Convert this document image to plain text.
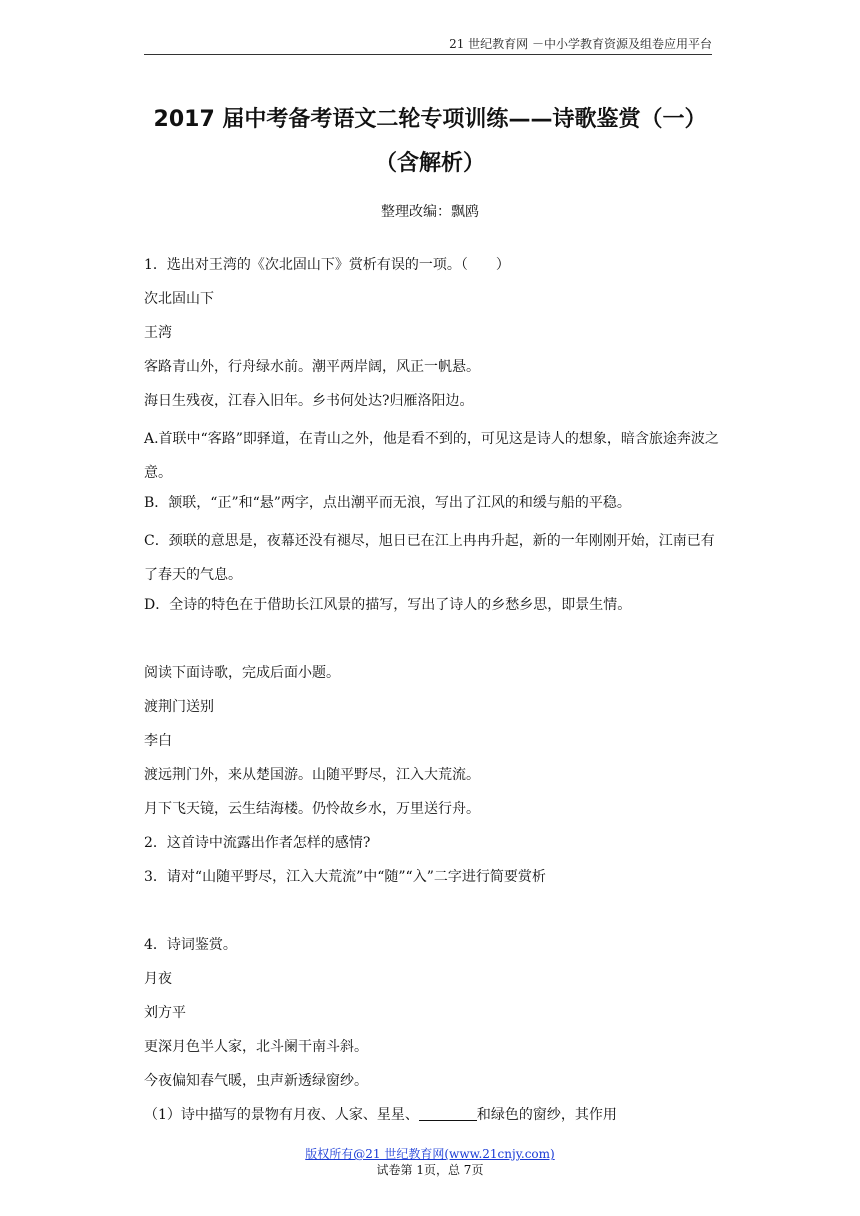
21 世纪教育网 －中小学教育资源及组卷应用平台
2017 届中考备考语文二轮专项训练——诗歌鉴赏（一）
（含解析）
整理改编：飘鸥
1．选出对王湾的《次北固山下》赏析有误的一项。（　　）
次北固山下
王湾
客路青山外，行舟绿水前。潮平两岸阔，风正一帆悬。
海日生残夜，江春入旧年。乡书何处达?归雁洛阳边。
A.首联中“客路”即驿道，在青山之外，他是看不到的，可见这是诗人的想象，暗含旅途奔波之意。
B．颔联，“正”和“悬”两字，点出潮平而无浪，写出了江风的和缓与船的平稳。
C．颈联的意思是，夜幕还没有褪尽，旭日已在江上冉冉升起，新的一年刚刚开始，江南已有了春天的气息。
D．全诗的特色在于借助长江风景的描写，写出了诗人的乡愁乡思，即景生情。
阅读下面诗歌，完成后面小题。
渡荆门送别
李白
渡远荆门外，来从楚国游。山随平野尽，江入大荒流。
月下飞天镜，云生结海楼。仍怜故乡水，万里送行舟。
2．这首诗中流露出作者怎样的感情?
3．请对“山随平野尽，江入大荒流”中“随”“入”二字进行简要赏析
4．诗词鉴赏。
月夜
刘方平
更深月色半人家，北斗阑干南斗斜。
今夜偏知春气暖，虫声新透绿窗纱。
（1）诗中描写的景物有月夜、人家、星星、	和绿色的窗纱，其作用
版权所有@21 世纪教育网(www.21cnjy.com)
试卷第 1页，总 7页
